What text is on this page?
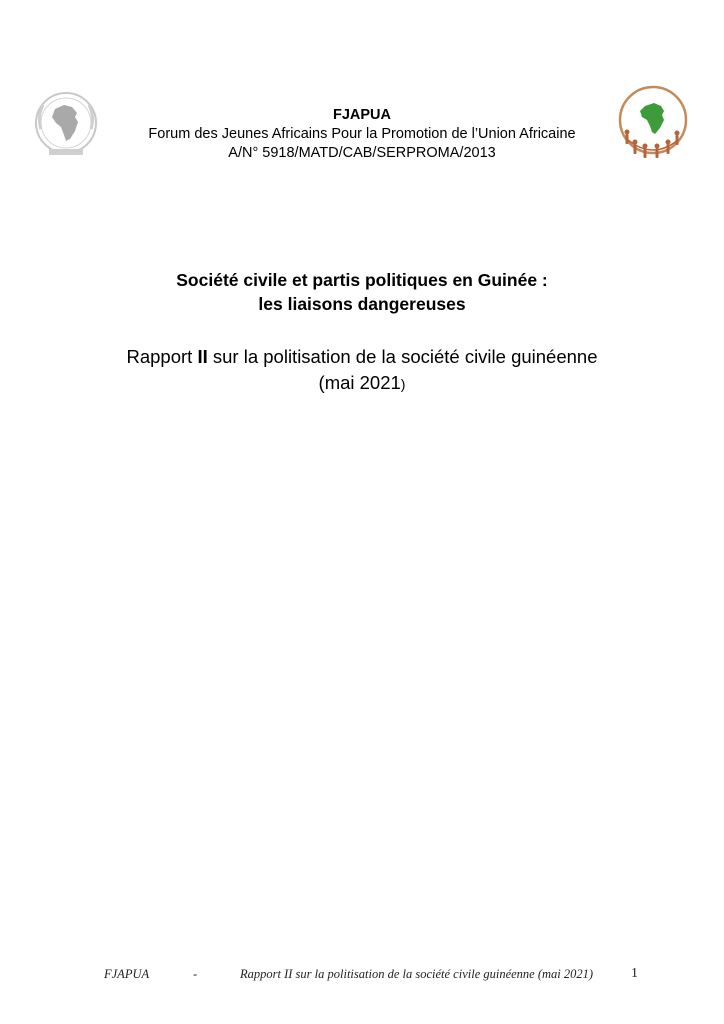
FJAPUA
Forum des Jeunes Africains Pour la Promotion de l’Union Africaine
A/N° 5918/MATD/CAB/SERPROMA/2013
Société civile et partis politiques en Guinée :
les liaisons dangereuses
Rapport II sur la politisation de la société civile guinéenne
(mai 2021)
FJAPUA	-	Rapport II sur la politisation de la société civile guinéenne (mai 2021)	1
